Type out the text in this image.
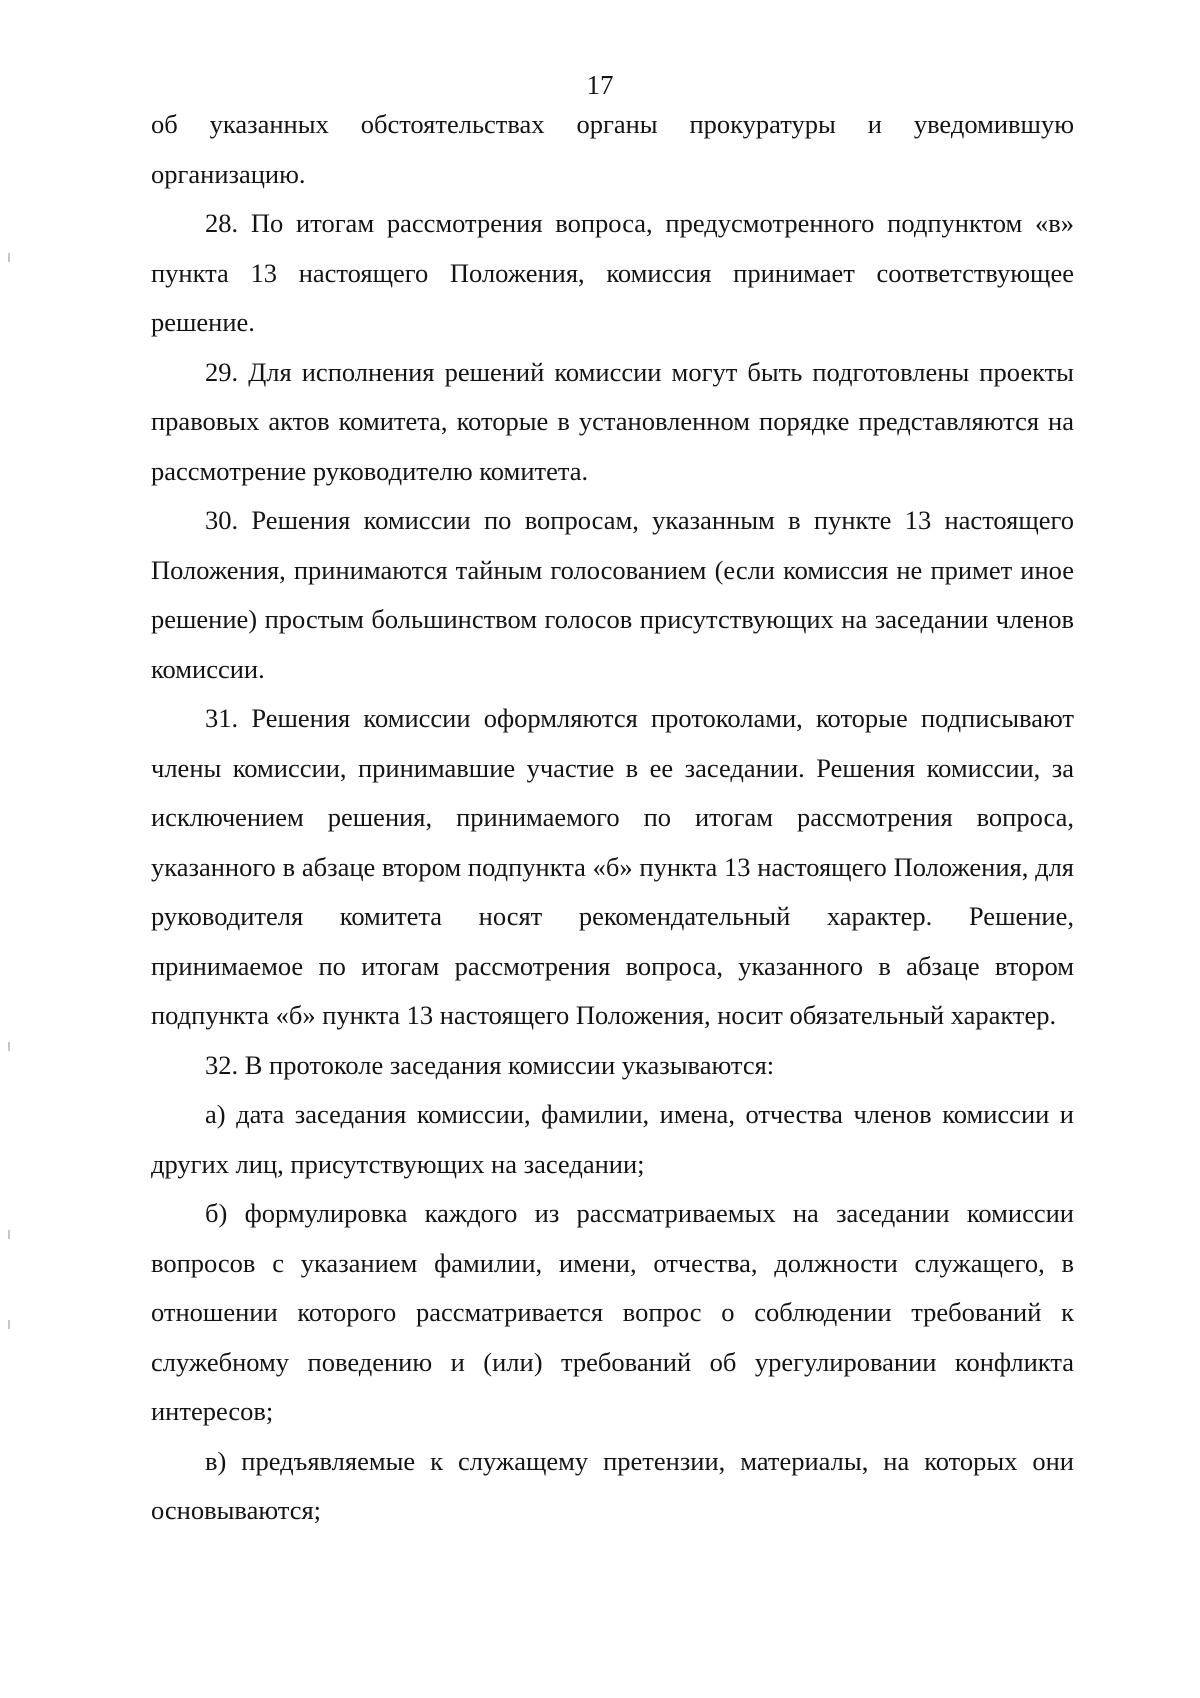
17

об указанных обстоятельствах органы прокуратуры и уведомившую организацию.

28. По итогам рассмотрения вопроса, предусмотренного подпунктом «в» пункта 13 настоящего Положения, комиссия принимает соответствующее решение.

29. Для исполнения решений комиссии могут быть подготовлены проекты правовых актов комитета, которые в установленном порядке представляются на рассмотрение руководителю комитета.

30. Решения комиссии по вопросам, указанным в пункте 13 настоящего Положения, принимаются тайным голосованием (если комиссия не примет иное решение) простым большинством голосов присутствующих на заседании членов комиссии.

31. Решения комиссии оформляются протоколами, которые подписывают члены комиссии, принимавшие участие в ее заседании. Решения комиссии, за исключением решения, принимаемого по итогам рассмотрения вопроса, указанного в абзаце втором подпункта «б» пункта 13 настоящего Положения, для руководителя комитета носят рекомендательный характер. Решение, принимаемое по итогам рассмотрения вопроса, указанного в абзаце втором подпункта «б» пункта 13 настоящего Положения, носит обязательный характер.

32. В протоколе заседания комиссии указываются:

а) дата заседания комиссии, фамилии, имена, отчества членов комиссии и других лиц, присутствующих на заседании;

б) формулировка каждого из рассматриваемых на заседании комиссии вопросов с указанием фамилии, имени, отчества, должности служащего, в отношении которого рассматривается вопрос о соблюдении требований к служебному поведению и (или) требований об урегулировании конфликта интересов;

в) предъявляемые к служащему претензии, материалы, на которых они основываются;
